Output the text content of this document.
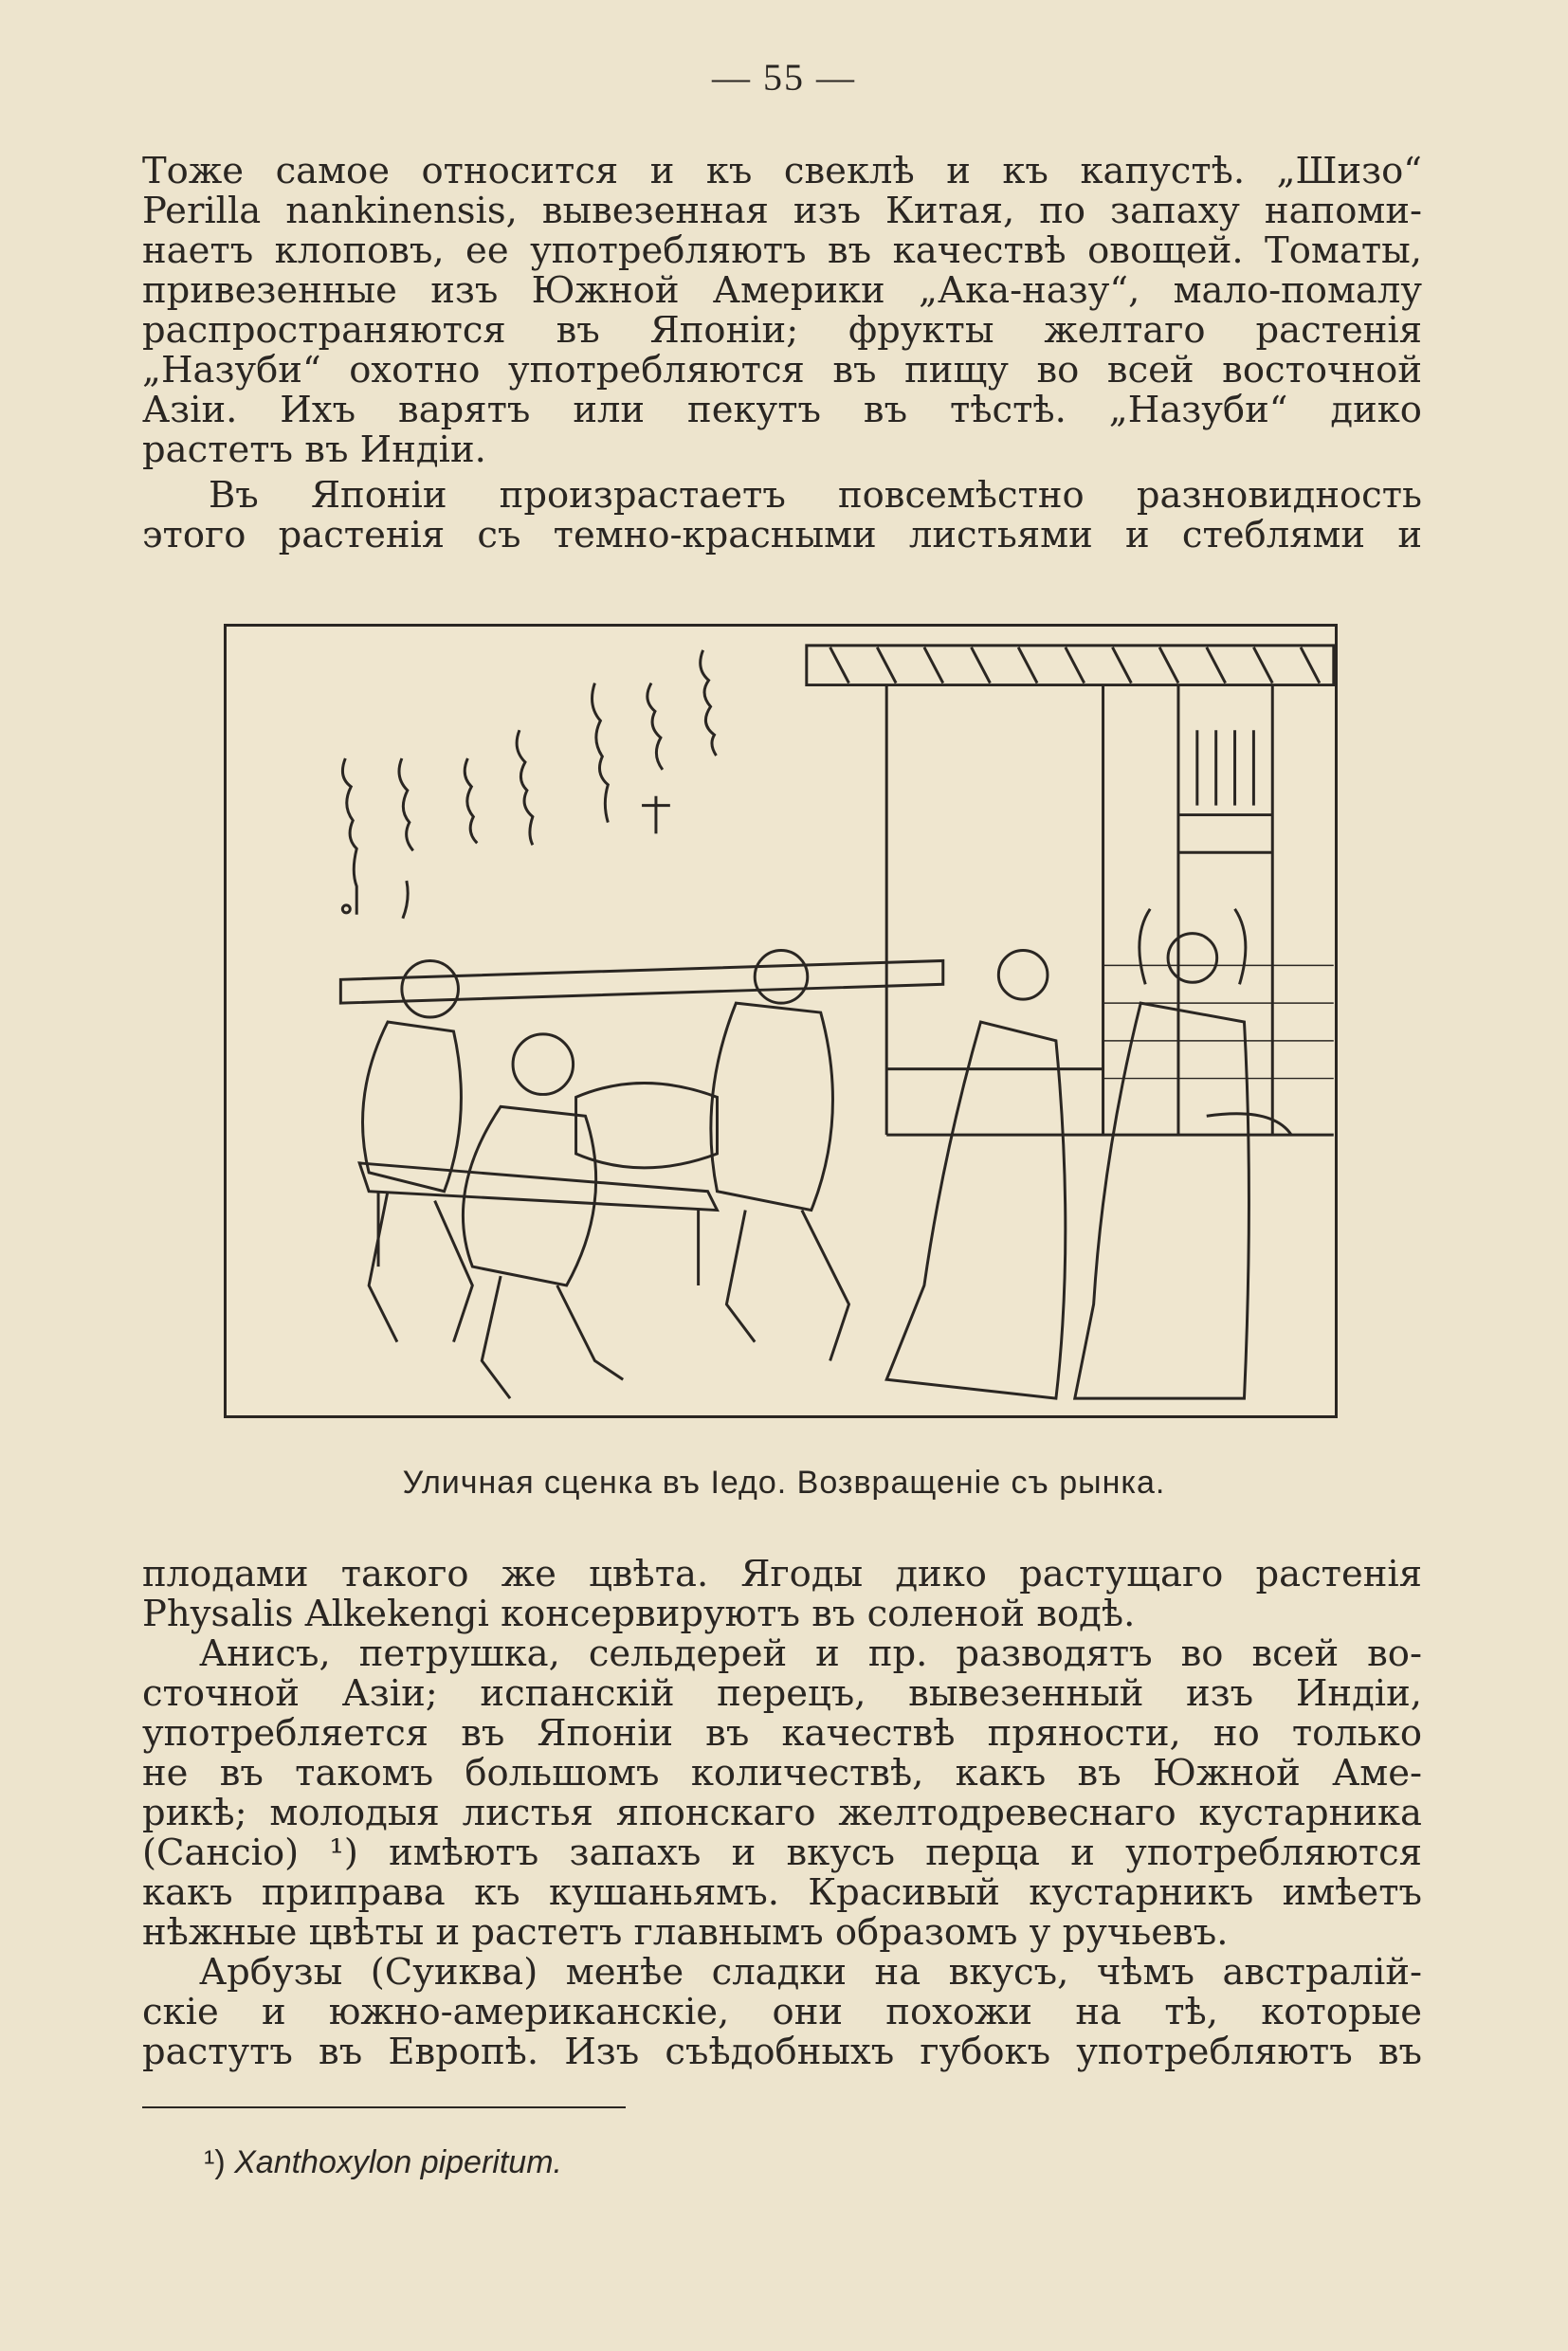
— 55 —
Тоже самое относится и къ свеклѣ и къ капустѣ. „Шизо“
Perilla nankinensis, вывезенная изъ Китая, по запаху напоми-
наетъ клоповъ, ее употребляютъ въ качествѣ овощей. Томаты,
привезенные изъ Южной Америки „Ака-назу“, мало-помалу
распространяются въ Японіи; фрукты желтаго растенія
„Назуби“ охотно употребляются въ пищу во всей восточной
Азіи. Ихъ варятъ или пекутъ въ тѣстѣ. „Назуби“ дико
растетъ въ Индіи.
Въ Японіи произрастаетъ повсемѣстно разновидность
этого растенія съ темно-красными листьями и стеблями и
Уличная сценка въ Іедо. Возвращеніе съ рынка.
плодами такого же цвѣта. Ягоды дико растущаго растенія
Physalis Alkekengi консервируютъ въ соленой водѣ.
Анисъ, петрушка, сельдерей и пр. разводятъ во всей во-
сточной Азіи; испанскій перецъ, вывезенный изъ Индіи,
употребляется въ Японіи въ качествѣ пряности, но только
не въ такомъ большомъ количествѣ, какъ въ Южной Аме-
рикѣ; молодыя листья японскаго желтодревеснаго кустарника
(Сансіо) ¹) имѣютъ запахъ и вкусъ перца и употребляются
какъ приправа къ кушаньямъ. Красивый кустарникъ имѣетъ
нѣжные цвѣты и растетъ главнымъ образомъ у ручьевъ.
Арбузы (Суиква) менѣе сладки на вкусъ, чѣмъ австралій-
скіе и южно-американскіе, они похожи на тѣ, которые
растутъ въ Европѣ. Изъ съѣдобныхъ губокъ употребляютъ въ
¹) Xanthoxylon piperitum.
